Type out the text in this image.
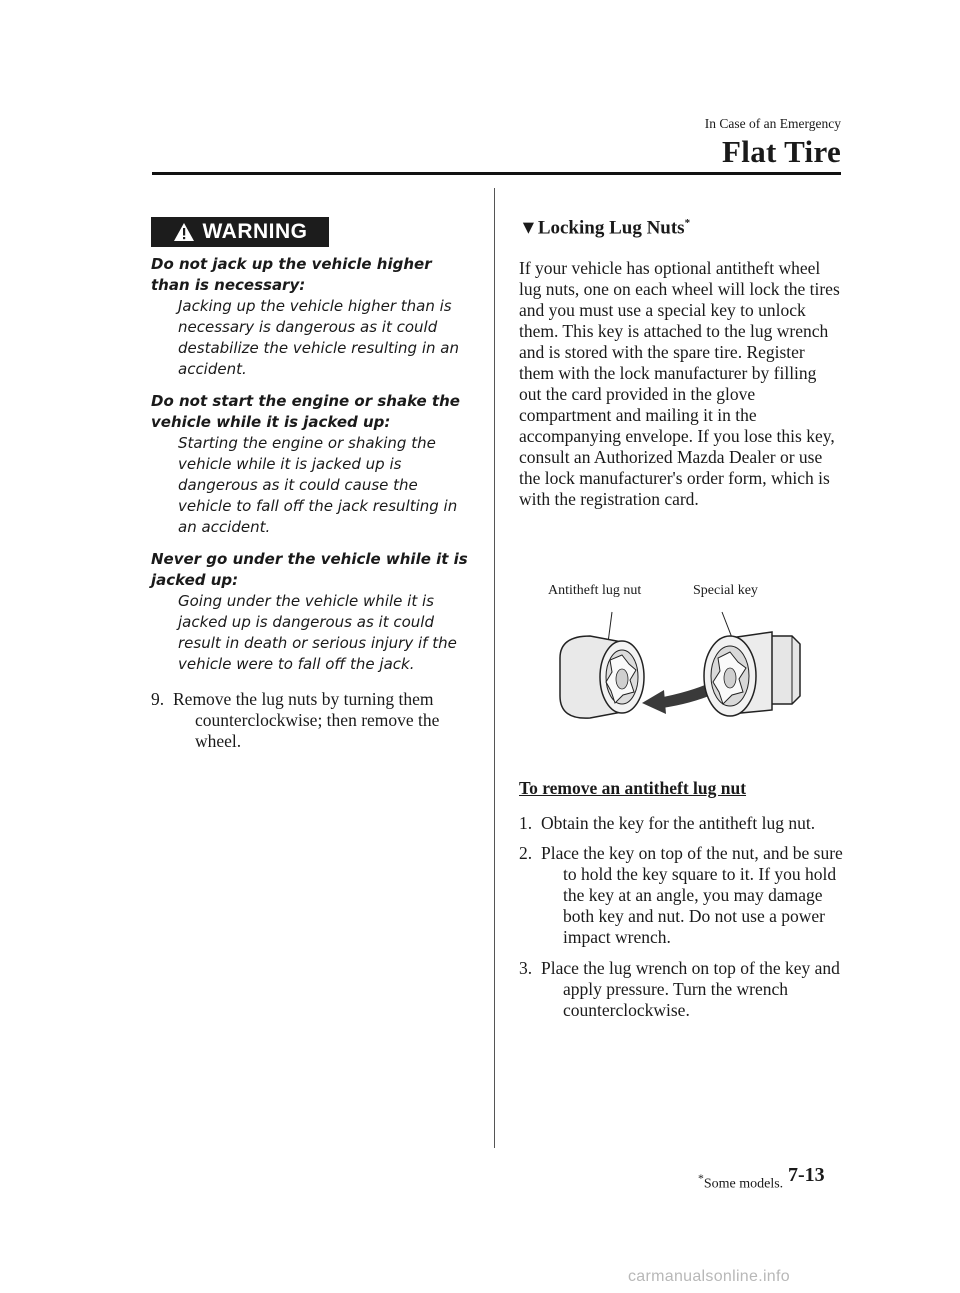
In Case of an Emergency
Flat Tire
WARNING
Do not jack up the vehicle higher than is necessary:
Jacking up the vehicle higher than is necessary is dangerous as it could destabilize the vehicle resulting in an accident.
Do not start the engine or shake the vehicle while it is jacked up:
Starting the engine or shaking the vehicle while it is jacked up is dangerous as it could cause the vehicle to fall off the jack resulting in an accident.
Never go under the vehicle while it is jacked up:
Going under the vehicle while it is jacked up is dangerous as it could result in death or serious injury if the vehicle were to fall off the jack.
9. Remove the lug nuts by turning them counterclockwise; then remove the wheel.
▼Locking Lug Nuts*
If your vehicle has optional antitheft wheel lug nuts, one on each wheel will lock the tires and you must use a special key to unlock them. This key is attached to the lug wrench and is stored with the spare tire. Register them with the lock manufacturer by filling out the card provided in the glove compartment and mailing it in the accompanying envelope. If you lose this key, consult an Authorized Mazda Dealer or use the lock manufacturer's order form, which is with the registration card.
Antitheft lug nut	Special key
To remove an antitheft lug nut
1. Obtain the key for the antitheft lug nut.
2. Place the key on top of the nut, and be sure to hold the key square to it. If you hold the key at an angle, you may damage both key and nut. Do not use a power impact wrench.
3. Place the lug wrench on top of the key and apply pressure. Turn the wrench counterclockwise.
*Some models. 7-13
carmanualsonline.info
